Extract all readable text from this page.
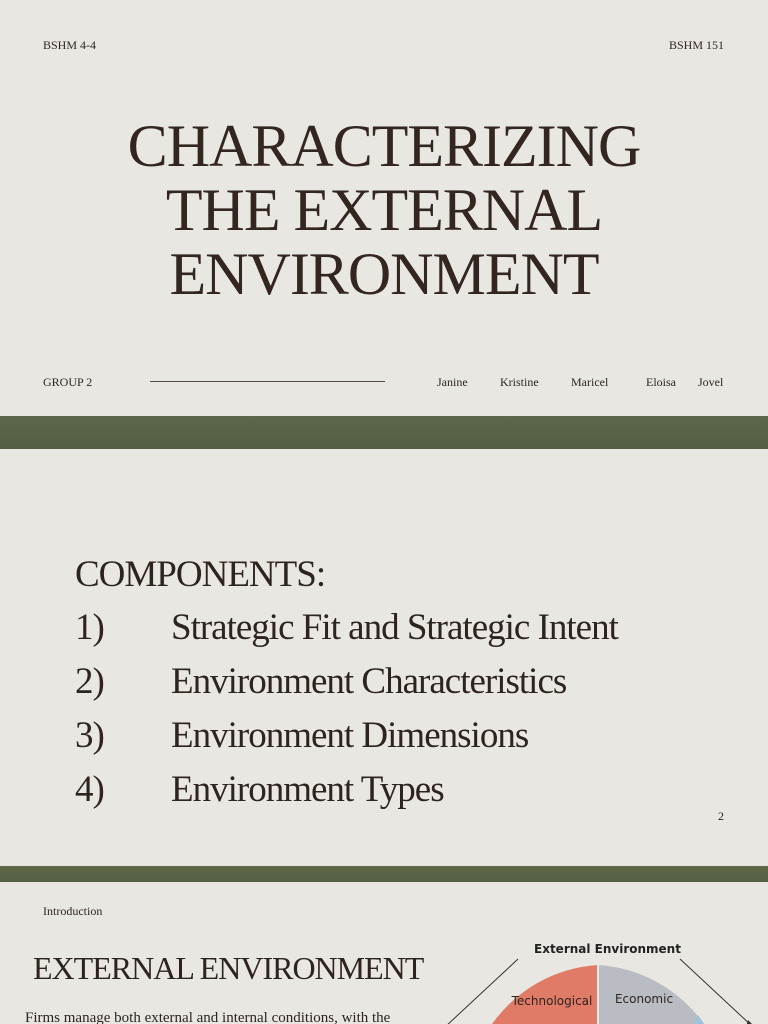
BSHM 4-4	BSHM 151
CHARACTERIZING
THE EXTERNAL
ENVIRONMENT
GROUP 2	Janine	Kristine	Maricel	Eloisa Jovel
COMPONENTS:
1) Strategic Fit and Strategic Intent
2) Environment Characteristics
3) Environment Dimensions
4) Environment Types
2
Introduction
EXTERNAL ENVIRONMENT
Firms manage both external and internal conditions, with the
External Environment
Technological Economic
